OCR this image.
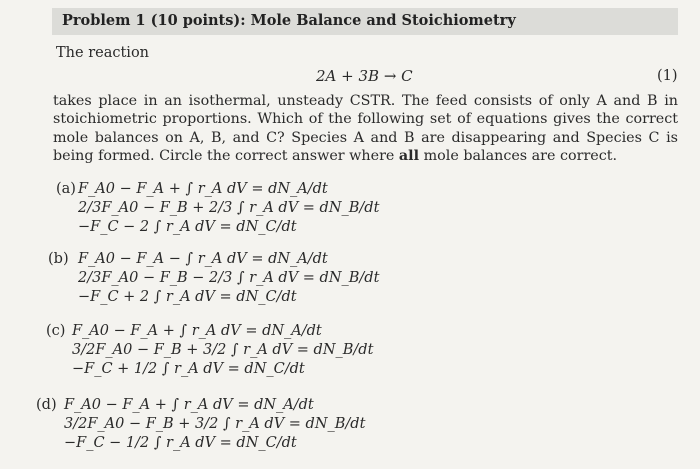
Problem 1 (10 points): Mole Balance and Stoichiometry
The reaction
2A + 3B → C	(1)

takes place in an isothermal, unsteady CSTR. The feed consists of only A and B in stoichiometric proportions. Which of the following set of equations gives the correct mole balances on A, B, and C? Species A and B are disappearing and Species C is being formed. Circle the correct answer where all mole balances are correct.

(a) F_A0 − F_A + ∫ r_A dV = dN_A/dt
2/3F_A0 − F_B + 2/3 ∫ r_A dV = dN_B/dt
−F_C − 2 ∫ r_A dV = dN_C/dt
(b) F_A0 − F_A − ∫ r_A dV = dN_A/dt
2/3F_A0 − F_B − 2/3 ∫ r_A dV = dN_B/dt
−F_C + 2 ∫ r_A dV = dN_C/dt
(c) F_A0 − F_A + ∫ r_A dV = dN_A/dt
3/2F_A0 − F_B + 3/2 ∫ r_A dV = dN_B/dt
−F_C + 1/2 ∫ r_A dV = dN_C/dt
(d) F_A0 − F_A + ∫ r_A dV = dN_A/dt
3/2F_A0 − F_B + 3/2 ∫ r_A dV = dN_B/dt
−F_C − 1/2 ∫ r_A dV = dN_C/dt
